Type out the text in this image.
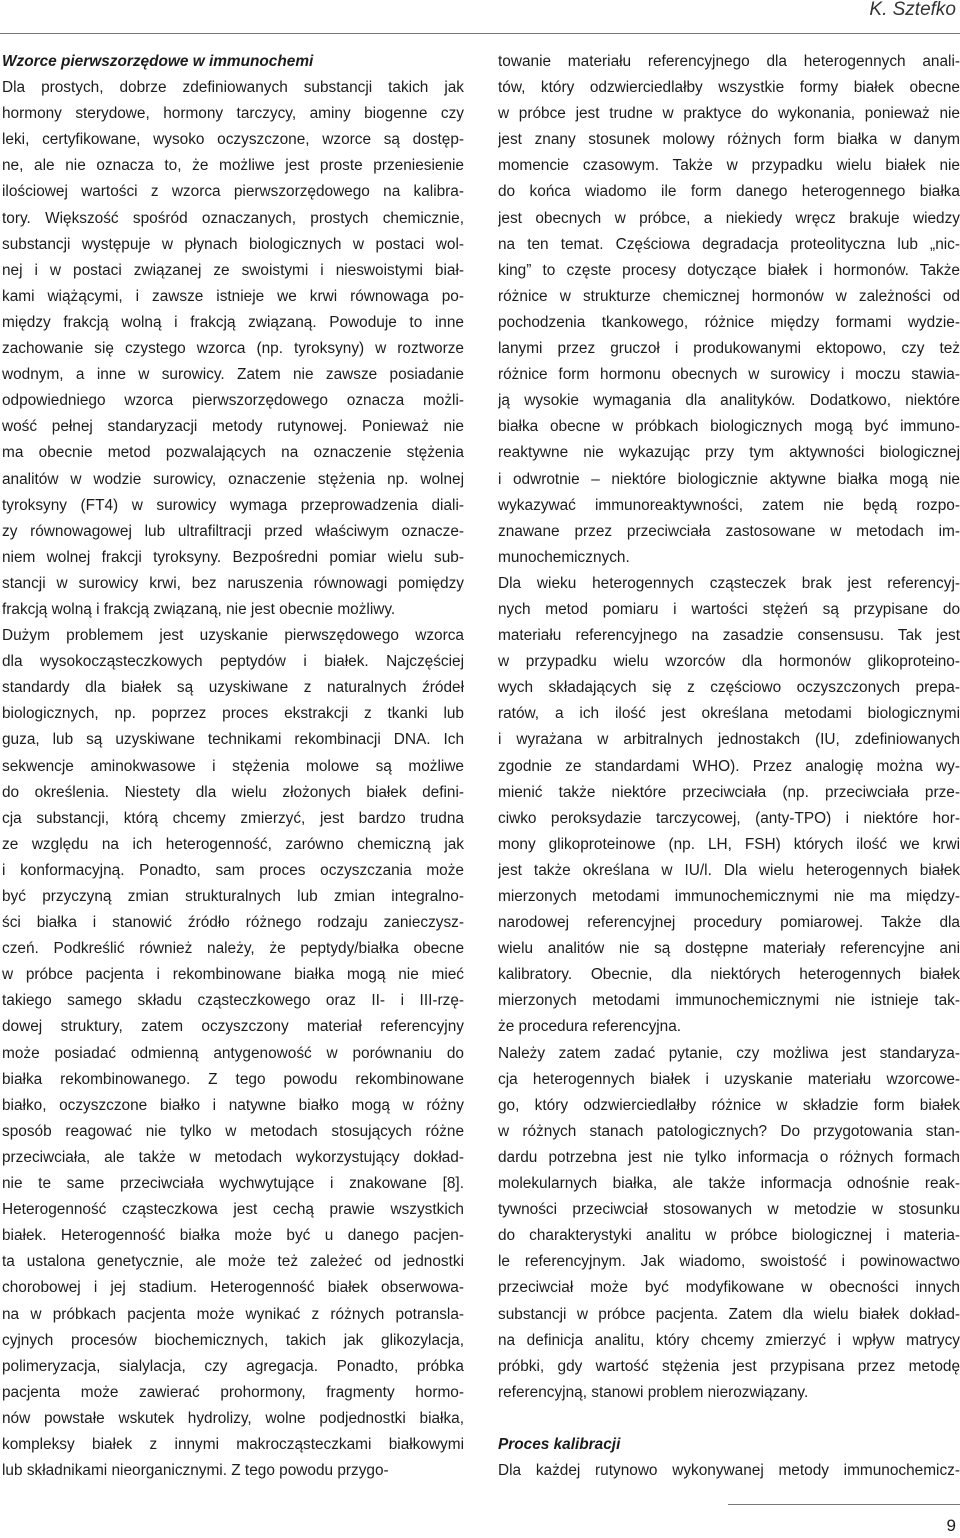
K. Sztefko
Wzorce pierwszorzędowe w immunochemi
Dla prostych, dobrze zdefiniowanych substancji takich jak
hormony sterydowe, hormony tarczycy, aminy biogenne czy
leki, certyfikowane, wysoko oczyszczone, wzorce są dostęp-
ne, ale nie oznacza to, że możliwe jest proste przeniesienie
ilościowej wartości z wzorca pierwszorzędowego na kalibra-
tory. Większość spośród oznaczanych, prostych chemicznie,
substancji występuje w płynach biologicznych w postaci wol-
nej i w postaci związanej ze swoistymi i nieswoistymi biał-
kami wiążącymi, i zawsze istnieje we krwi równowaga po-
między frakcją wolną i frakcją związaną. Powoduje to inne
zachowanie się czystego wzorca (np. tyroksyny) w roztworze
wodnym, a inne w surowicy. Zatem nie zawsze posiadanie
odpowiedniego wzorca pierwszorzędowego oznacza możli-
wość pełnej standaryzacji metody rutynowej. Ponieważ nie
ma obecnie metod pozwalających na oznaczenie stężenia
analitów w wodzie surowicy, oznaczenie stężenia np. wolnej
tyroksyny (FT4) w surowicy wymaga przeprowadzenia diali-
zy równowagowej lub ultrafiltracji przed właściwym oznacze-
niem wolnej frakcji tyroksyny. Bezpośredni pomiar wielu sub-
stancji w surowicy krwi, bez naruszenia równowagi pomiędzy
frakcją wolną i frakcją związaną, nie jest obecnie możliwy.
Dużym problemem jest uzyskanie pierwszędowego wzorca
dla wysokocząsteczkowych peptydów i białek. Najczęściej
standardy dla białek są uzyskiwane z naturalnych źródeł
biologicznych, np. poprzez proces ekstrakcji z tkanki lub
guza, lub są uzyskiwane technikami rekombinacji DNA. Ich
sekwencje aminokwasowe i stężenia molowe są możliwe
do określenia. Niestety dla wielu złożonych białek defini-
cja substancji, którą chcemy zmierzyć, jest bardzo trudna
ze względu na ich heterogenność, zarówno chemiczną jak
i konformacyjną. Ponadto, sam proces oczyszczania może
być przyczyną zmian strukturalnych lub zmian integralno-
ści białka i stanowić źródło różnego rodzaju zanieczysz-
czeń. Podkreślić również należy, że peptydy/białka obecne
w próbce pacjenta i rekombinowane białka mogą nie mieć
takiego samego składu cząsteczkowego oraz II- i III-rzę-
dowej struktury, zatem oczyszczony materiał referencyjny
może posiadać odmienną antygenowość w porównaniu do
białka rekombinowanego. Z tego powodu rekombinowane
białko, oczyszczone białko i natywne białko mogą w różny
sposób reagować nie tylko w metodach stosujących różne
przeciwciała, ale także w metodach wykorzystujący dokład-
nie te same przeciwciała wychwytujące i znakowane [8].
Heterogenność cząsteczkowa jest cechą prawie wszystkich
białek. Heterogenność białka może być u danego pacjen-
ta ustalona genetycznie, ale może też zależeć od jednostki
chorobowej i jej stadium. Heterogenność białek obserwowa-
na w próbkach pacjenta może wynikać z różnych potransla-
cyjnych procesów biochemicznych, takich jak glikozylacja,
polimeryzacja, sialylacja, czy agregacja. Ponadto, próbka
pacjenta może zawierać prohormony, fragmenty hormo-
nów powstałe wskutek hydrolizy, wolne podjednostki białka,
kompleksy białek z innymi makrocząsteczkami białkowymi
lub składnikami nieorganicznymi. Z tego powodu przygo-
towanie materiału referencyjnego dla heterogennych anali-
tów, który odzwierciedlałby wszystkie formy białek obecne
w próbce jest trudne w praktyce do wykonania, ponieważ nie
jest znany stosunek molowy różnych form białka w danym
momencie czasowym. Także w przypadku wielu białek nie
do końca wiadomo ile form danego heterogennego białka
jest obecnych w próbce, a niekiedy wręcz brakuje wiedzy
na ten temat. Częściowa degradacja proteolityczna lub „nic-
king” to częste procesy dotyczące białek i hormonów. Także
różnice w strukturze chemicznej hormonów w zależności od
pochodzenia tkankowego, różnice między formami wydzie-
lanymi przez gruczoł i produkowanymi ektopowo, czy też
różnice form hormonu obecnych w surowicy i moczu stawia-
ją wysokie wymagania dla analityków. Dodatkowo, niektóre
białka obecne w próbkach biologicznych mogą być immuno-
reaktywne nie wykazując przy tym aktywności biologicznej
i odwrotnie – niektóre biologicznie aktywne białka mogą nie
wykazywać immunoreaktywności, zatem nie będą rozpo-
znawane przez przeciwciała zastosowane w metodach im-
munochemicznych.
Dla wieku heterogennych cząsteczek brak jest referencyj-
nych metod pomiaru i wartości stężeń są przypisane do
materiału referencyjnego na zasadzie consensusu. Tak jest
w przypadku wielu wzorców dla hormonów glikoproteino-
wych składających się z częściowo oczyszczonych prepa-
ratów, a ich ilość jest określana metodami biologicznymi
i wyrażana w arbitralnych jednostakch (IU, zdefiniowanych
zgodnie ze standardami WHO). Przez analogię można wy-
mienić także niektóre przeciwciała (np. przeciwciała prze-
ciwko peroksydazie tarczycowej, (anty-TPO) i niektóre hor-
mony glikoproteinowe (np. LH, FSH) których ilość we krwi
jest także określana w IU/l. Dla wielu heterogennych białek
mierzonych metodami immunochemicznymi nie ma między-
narodowej referencyjnej procedury pomiarowej. Także dla
wielu analitów nie są dostępne materiały referencyjne ani
kalibratory. Obecnie, dla niektórych heterogennych białek
mierzonych metodami immunochemicznymi nie istnieje tak-
że procedura referencyjna.
Należy zatem zadać pytanie, czy możliwa jest standaryza-
cja heterogennych białek i uzyskanie materiału wzorcowe-
go, który odzwierciedlałby różnice w składzie form białek
w różnych stanach patologicznych? Do przygotowania stan-
dardu potrzebna jest nie tylko informacja o różnych formach
molekularnych białka, ale także informacja odnośnie reak-
tywności przeciwciał stosowanych w metodzie w stosunku
do charakterystyki analitu w próbce biologicznej i materia-
le referencyjnym. Jak wiadomo, swoistość i powinowactwo
przeciwciał może być modyfikowane w obecności innych
substancji w próbce pacjenta. Zatem dla wielu białek dokład-
na definicja analitu, który chcemy zmierzyć i wpływ matrycy
próbki, gdy wartość stężenia jest przypisana przez metodę
referencyjną, stanowi problem nierozwiązany.
Proces kalibracji
Dla każdej rutynowo wykonywanej metody immunochemicz-
9
